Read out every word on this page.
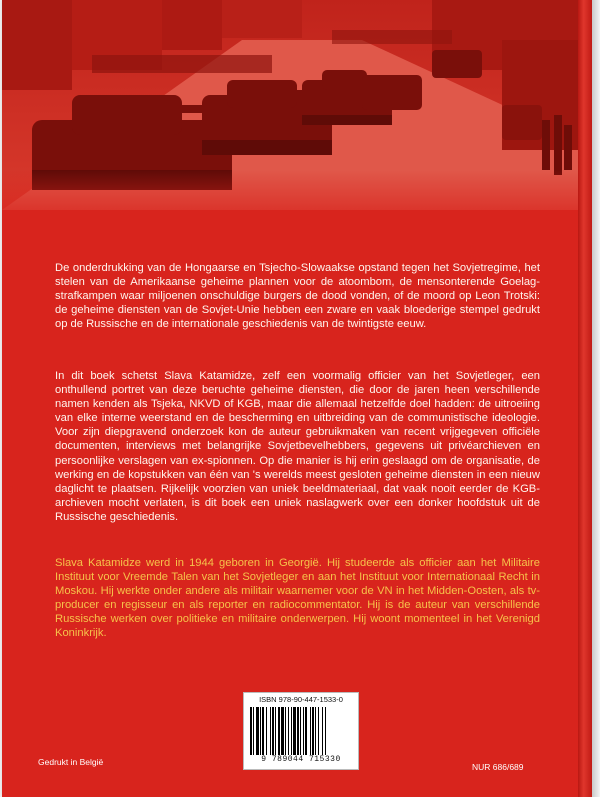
De onderdrukking van de Hongaarse en Tsjecho-Slowaakse opstand tegen het Sovjetregime, het stelen van de Amerikaanse geheime plannen voor de atoombom, de mensonterende Goelag-strafkampen waar miljoenen onschuldige burgers de dood vonden, of de moord op Leon Trotski: de geheime diensten van de Sovjet-Unie hebben een zware en vaak bloederige stempel gedrukt op de Russische en de internationale geschiedenis van de twintigste eeuw.
In dit boek schetst Slava Katamidze, zelf een voormalig officier van het Sovjetleger, een onthullend portret van deze beruchte geheime diensten, die door de jaren heen verschillende namen kenden als Tsjeka, NKVD of KGB, maar die allemaal hetzelfde doel hadden: de uitroeiing van elke interne weerstand en de bescherming en uitbreiding van de communistische ideologie. Voor zijn diepgravend onderzoek kon de auteur gebruikmaken van recent vrijgegeven officiële documenten, interviews met belangrijke Sovjetbevelhebbers, gegevens uit privéarchieven en persoonlijke verslagen van ex-spionnen. Op die manier is hij erin geslaagd om de organisatie, de werking en de kopstukken van één van 's werelds meest gesloten geheime diensten in een nieuw daglicht te plaatsen. Rijkelijk voorzien van uniek beeldmateriaal, dat vaak nooit eerder de KGB-archieven mocht verlaten, is dit boek een uniek naslagwerk over een donker hoofdstuk uit de Russische geschiedenis.
Slava Katamidze werd in 1944 geboren in Georgië. Hij studeerde als officier aan het Militaire Instituut voor Vreemde Talen van het Sovjetleger en aan het Instituut voor Internationaal Recht in Moskou. Hij werkte onder andere als militair waarnemer voor de VN in het Midden-Oosten, als tv-producer en regisseur en als reporter en radiocommentator. Hij is de auteur van verschillende Russische werken over politieke en militaire onderwerpen. Hij woont momenteel in het Verenigd Koninkrijk.
ISBN 978-90-447-1533-0
9 789044 715330
Gedrukt in België	NUR 686/689
